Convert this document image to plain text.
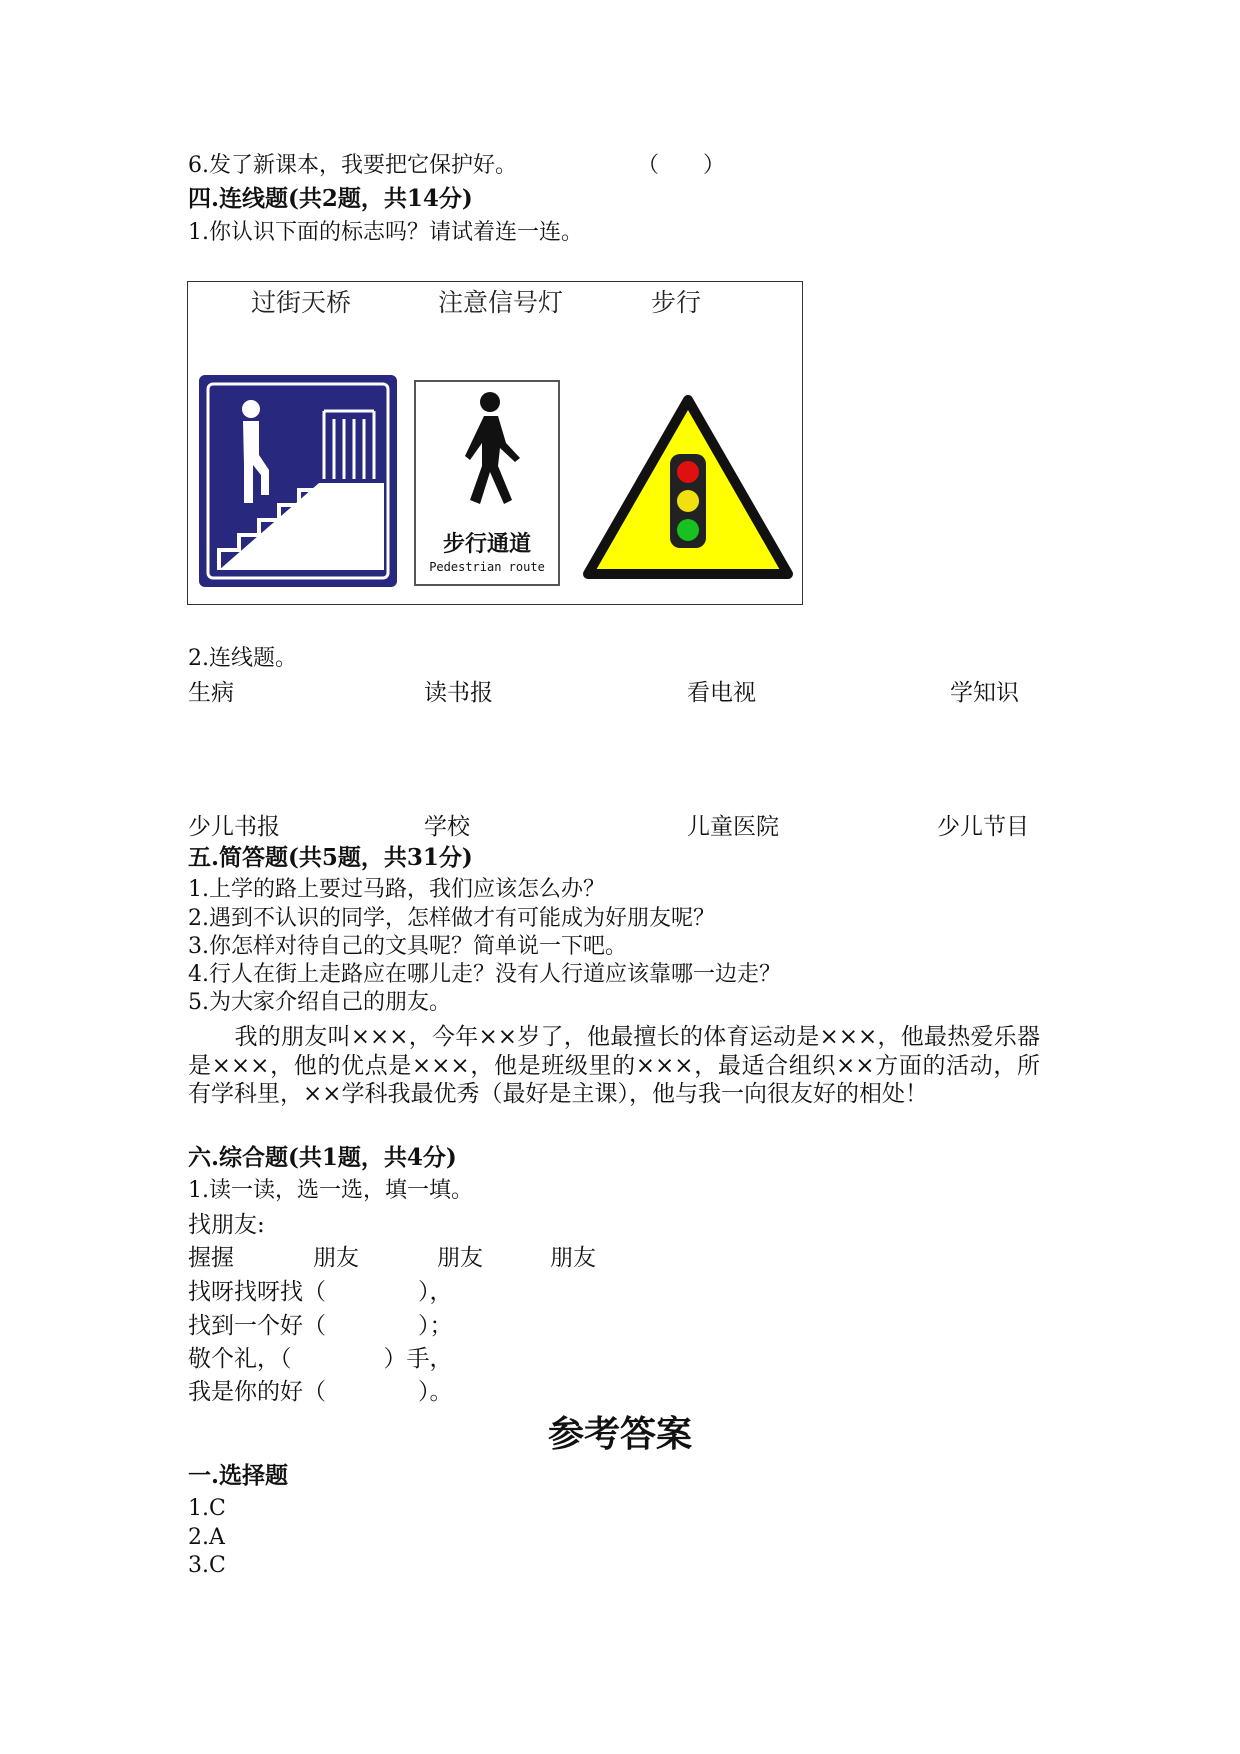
6.发了新课本，我要把它保护好。	（　　）
四.连线题(共2题，共14分)
1.你认识下面的标志吗？请试着连一连。
过街天桥	注意信号灯	步行
步行通道
Pedestrian route
2.连线题。
生病	读书报	看电视	学知识
少儿书报	学校	儿童医院	少儿节目
五.简答题(共5题，共31分)
1.上学的路上要过马路，我们应该怎么办？
2.遇到不认识的同学，怎样做才有可能成为好朋友呢？
3.你怎样对待自己的文具呢？简单说一下吧。
4.行人在街上走路应在哪儿走？没有人行道应该靠哪一边走？
5.为大家介绍自己的朋友。
　　我的朋友叫×××，今年××岁了，他最擅长的体育运动是×××，他最热爱乐器是×××，他的优点是×××，他是班级里的×××，最适合组织××方面的活动，所有学科里，××学科我最优秀（最好是主课），他与我一向很友好的相处！
六.综合题(共1题，共4分)
1.读一读，选一选，填一填。
找朋友:
握握	朋友	朋友	朋友
找呀找呀找（　　　　），
找到一个好（　　　　）；
敬个礼，（　　　　）手，
我是你的好（　　　　）。
参考答案
一.选择题
1.C
2.A
3.C
